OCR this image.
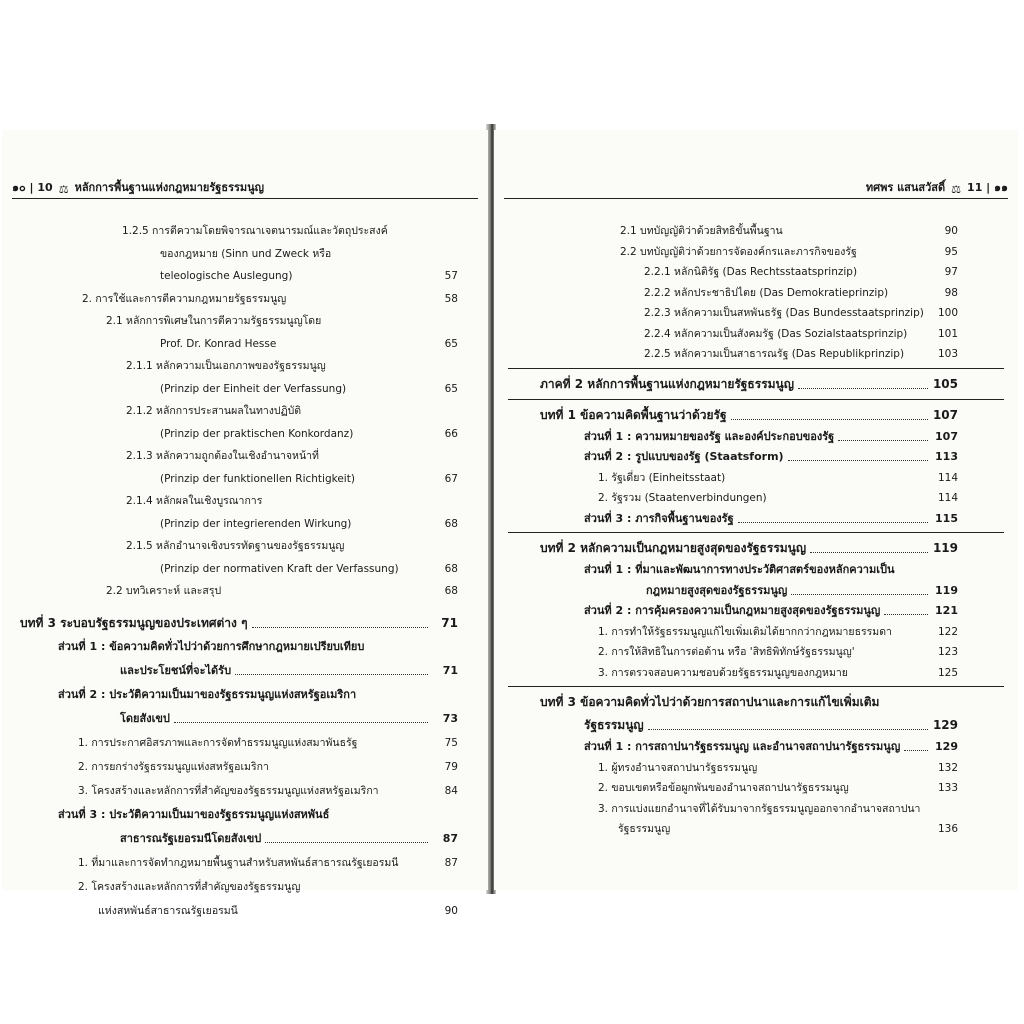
๑๐ | 10 ⚖ หลักการพื้นฐานแห่งกฎหมายรัฐธรรมนูญ
1.2.5 การตีความโดยพิจารณาเจตนารมณ์และวัตถุประสงค์
ของกฎหมาย (Sinn und Zweck หรือ
teleologische Auslegung)	57
2. การใช้และการตีความกฎหมายรัฐธรรมนูญ	58
2.1 หลักการพิเศษในการตีความรัฐธรรมนูญโดย
Prof. Dr. Konrad Hesse	65
2.1.1 หลักความเป็นเอกภาพของรัฐธรรมนูญ
(Prinzip der Einheit der Verfassung)	65
2.1.2 หลักการประสานผลในทางปฏิบัติ
(Prinzip der praktischen Konkordanz)	66
2.1.3 หลักความถูกต้องในเชิงอำนาจหน้าที่
(Prinzip der funktionellen Richtigkeit)	67
2.1.4 หลักผลในเชิงบูรณาการ
(Prinzip der integrierenden Wirkung)	68
2.1.5 หลักอำนาจเชิงบรรทัดฐานของรัฐธรรมนูญ
(Prinzip der normativen Kraft der Verfassung)	68
2.2 บทวิเคราะห์ และสรุป	68
บทที่ 3 ระบอบรัฐธรรมนูญของประเทศต่าง ๆ	71
ส่วนที่ 1 : ข้อความคิดทั่วไปว่าด้วยการศึกษากฎหมายเปรียบเทียบ
และประโยชน์ที่จะได้รับ	71
ส่วนที่ 2 : ประวัติความเป็นมาของรัฐธรรมนูญแห่งสหรัฐอเมริกา
โดยสังเขป	73
1. การประกาศอิสรภาพและการจัดทำธรรมนูญแห่งสมาพันธรัฐ	75
2. การยกร่างรัฐธรรมนูญแห่งสหรัฐอเมริกา	79
3. โครงสร้างและหลักการที่สำคัญของรัฐธรรมนูญแห่งสหรัฐอเมริกา	84
ส่วนที่ 3 : ประวัติความเป็นมาของรัฐธรรมนูญแห่งสหพันธ์
สาธารณรัฐเยอรมนีโดยสังเขป	87
1. ที่มาและการจัดทำกฎหมายพื้นฐานสำหรับสหพันธ์สาธารณรัฐเยอรมนี	87
2. โครงสร้างและหลักการที่สำคัญของรัฐธรรมนูญ
แห่งสหพันธ์สาธารณรัฐเยอรมนี	90
ทศพร แสนสวัสดิ์ ⚖ 11 | ๑๑
2.1 บทบัญญัติว่าด้วยสิทธิขั้นพื้นฐาน	90
2.2 บทบัญญัติว่าด้วยการจัดองค์กรและภารกิจของรัฐ	95
2.2.1 หลักนิติรัฐ (Das Rechtsstaatsprinzip)	97
2.2.2 หลักประชาธิปไตย (Das Demokratieprinzip)	98
2.2.3 หลักความเป็นสหพันธรัฐ (Das Bundesstaatsprinzip)	100
2.2.4 หลักความเป็นสังคมรัฐ (Das Sozialstaatsprinzip)	101
2.2.5 หลักความเป็นสาธารณรัฐ (Das Republikprinzip)	103
ภาคที่ 2 หลักการพื้นฐานแห่งกฎหมายรัฐธรรมนูญ	105
บทที่ 1 ข้อความคิดพื้นฐานว่าด้วยรัฐ	107
ส่วนที่ 1 : ความหมายของรัฐ และองค์ประกอบของรัฐ	107
ส่วนที่ 2 : รูปแบบของรัฐ (Staatsform)	113
1. รัฐเดี่ยว (Einheitsstaat)	114
2. รัฐรวม (Staatenverbindungen)	114
ส่วนที่ 3 : ภารกิจพื้นฐานของรัฐ	115
บทที่ 2 หลักความเป็นกฎหมายสูงสุดของรัฐธรรมนูญ	119
ส่วนที่ 1 : ที่มาและพัฒนาการทางประวัติศาสตร์ของหลักความเป็น
กฎหมายสูงสุดของรัฐธรรมนูญ	119
ส่วนที่ 2 : การคุ้มครองความเป็นกฎหมายสูงสุดของรัฐธรรมนูญ	121
1. การทำให้รัฐธรรมนูญแก้ไขเพิ่มเติมได้ยากกว่ากฎหมายธรรมดา	122
2. การให้สิทธิในการต่อต้าน หรือ 'สิทธิพิทักษ์รัฐธรรมนูญ'	123
3. การตรวจสอบความชอบด้วยรัฐธรรมนูญของกฎหมาย	125
บทที่ 3 ข้อความคิดทั่วไปว่าด้วยการสถาปนาและการแก้ไขเพิ่มเติม
รัฐธรรมนูญ	129
ส่วนที่ 1 : การสถาปนารัฐธรรมนูญ และอำนาจสถาปนารัฐธรรมนูญ	129
1. ผู้ทรงอำนาจสถาปนารัฐธรรมนูญ	132
2. ขอบเขตหรือข้อผูกพันของอำนาจสถาปนารัฐธรรมนูญ	133
3. การแบ่งแยกอำนาจที่ได้รับมาจากรัฐธรรมนูญออกจากอำนาจสถาปนา
รัฐธรรมนูญ	136
